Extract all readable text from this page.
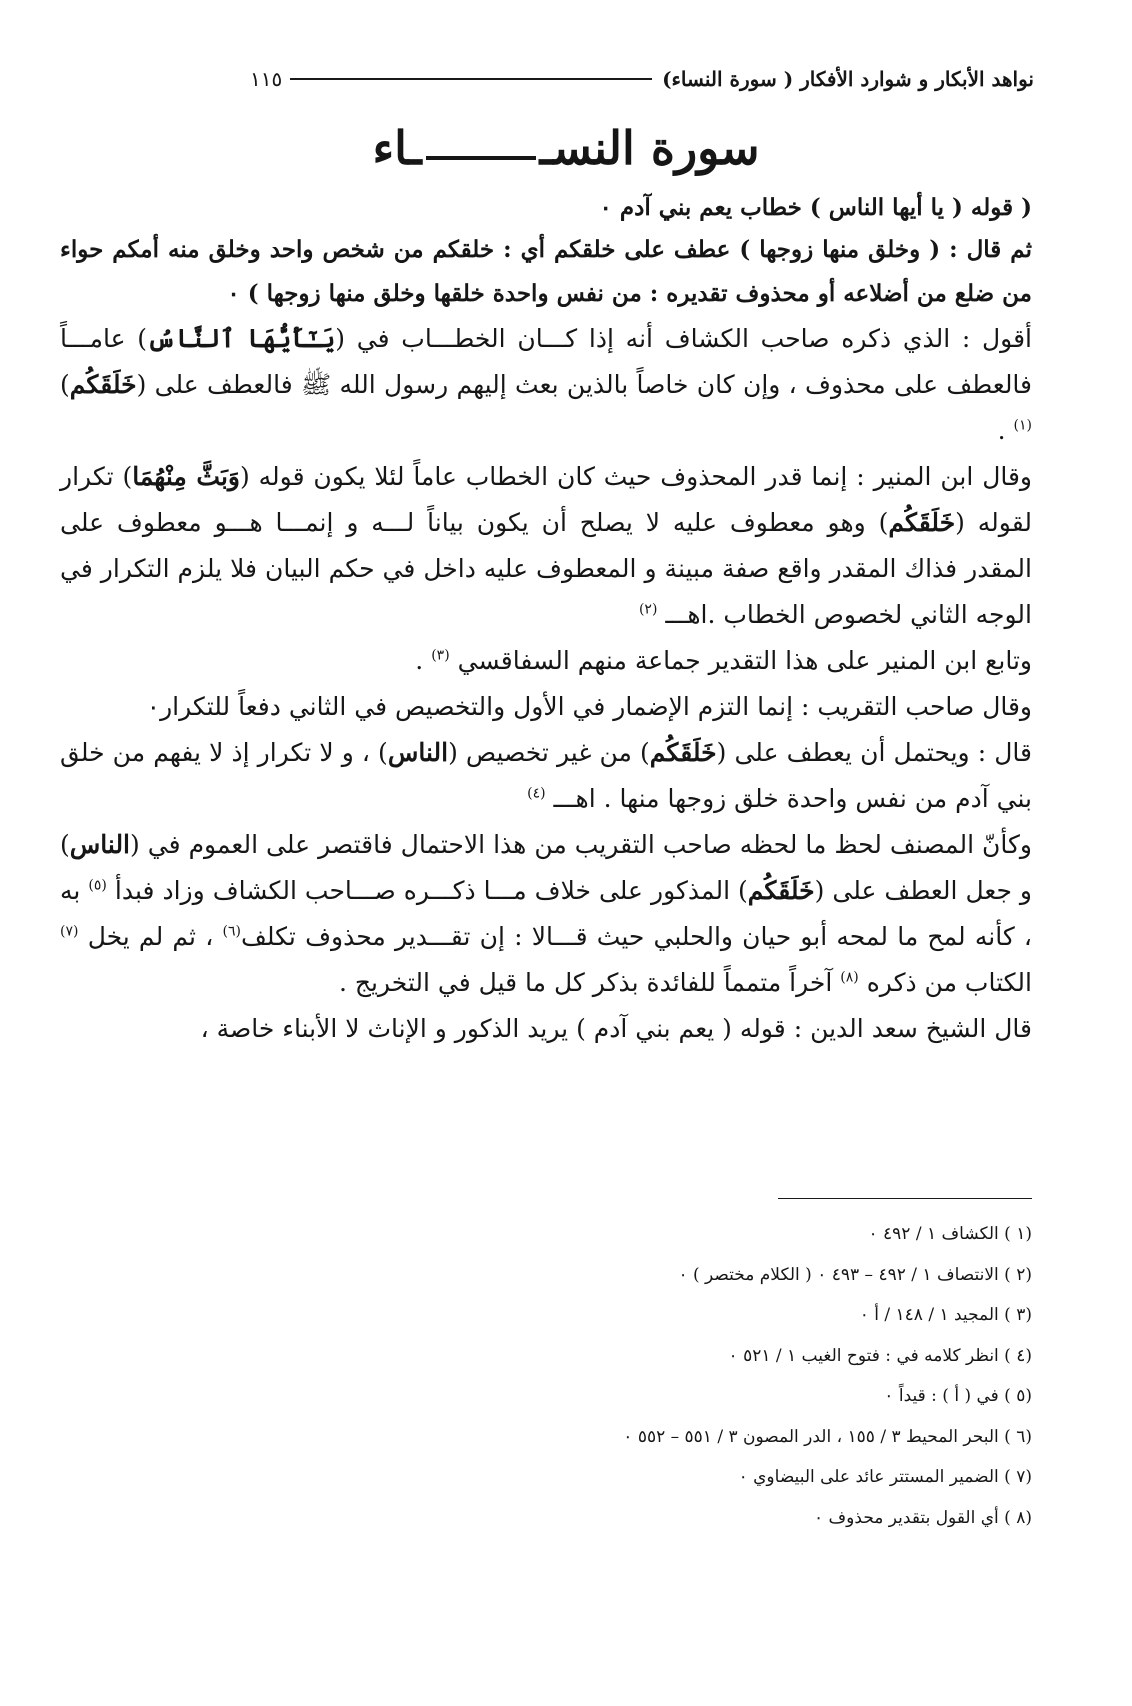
نواهد الأبكار و شوارد الأفكار ( سورة النساء)
١١٥
سورة النســاء

( قوله ( يا أيها الناس ) خطاب يعم بني آدم ٠

ثم قال : ( وخلق منها زوجها ) عطف على خلقكم أي : خلقكم من شخص واحد وخلق منه أمكم حواء من ضلع من أضلاعه أو محذوف تقديره : من نفس واحدة خلقها وخلق منها زوجها ) ٠

أقول : الذي ذكره صاحب الكشاف أنه إذا كـــان الخطـــاب في (يَـٰٓأَيُّهَا ٱلنَّاسُ) عامـــاً فالعطف على محذوف ، وإن كان خاصاً بالذين بعث إليهم رسول الله ﷺ فالعطف على (خَلَقَكُم) $^{(١)}$ .

وقال ابن المنير : إنما قدر المحذوف حيث كان الخطاب عاماً لئلا يكون قوله (وَبَثَّ مِنْهُمَا) تكرار لقوله (خَلَقَكُم) وهو معطوف عليه لا يصلح أن يكون بياناً لـــه و إنمـــا هـــو معطوف على المقدر فذاك المقدر واقع صفة مبينة و المعطوف عليه داخل في حكم البيان فلا يلزم التكرار في الوجه الثاني لخصوص الخطاب .اهـــ $^{(٢)}$

وتابع ابن المنير على هذا التقدير جماعة منهم السفاقسي $^{(٣)}$ .

وقال صاحب التقريب : إنما التزم الإضمار في الأول والتخصيص في الثاني دفعاً للتكرار٠

قال : ويحتمل أن يعطف على (خَلَقَكُم) من غير تخصيص (الناس) ، و لا تكرار إذ لا يفهم من خلق بني آدم من نفس واحدة خلق زوجها منها . اهـــ $^{(٤)}$

وكأنّ المصنف لحظ ما لحظه صاحب التقريب من هذا الاحتمال فاقتصر على العموم في (الناس) و جعل العطف على (خَلَقَكُم) المذكور على خلاف مـــا ذكـــره صـــاحب الكشاف وزاد فبدأ $^{(٥)}$ به ، كأنه لمح ما لمحه أبو حيان والحلبي حيث قـــالا : إن تقـــدير محذوف تكلف$^{(٦)}$ ، ثم لم يخل $^{(٧)}$ الكتاب من ذكره $^{(٨)}$ آخراً متمماً للفائدة بذكر كل ما قيل في التخريج .

قال الشيخ سعد الدين : قوله ( يعم بني آدم ) يريد الذكور و الإناث لا الأبناء خاصة ،

(١ ) الكشاف ١ / ٤٩٢ ٠
(٢ ) الانتصاف ١ / ٤٩٢ – ٤٩٣ ٠ ( الكلام مختصر ) ٠
(٣ ) المجيد ١ / ١٤٨ / أ ٠
(٤ ) انظر كلامه في : فتوح الغيب ١ / ٥٢١ ٠
(٥ ) في ( أ ) : قيداً ٠
(٦ ) البحر المحيط ٣ / ١٥٥ ، الدر المصون ٣ / ٥٥١ – ٥٥٢ ٠
(٧ ) الضمير المستتر عائد على البيضاوي ٠
(٨ ) أي القول بتقدير محذوف ٠
